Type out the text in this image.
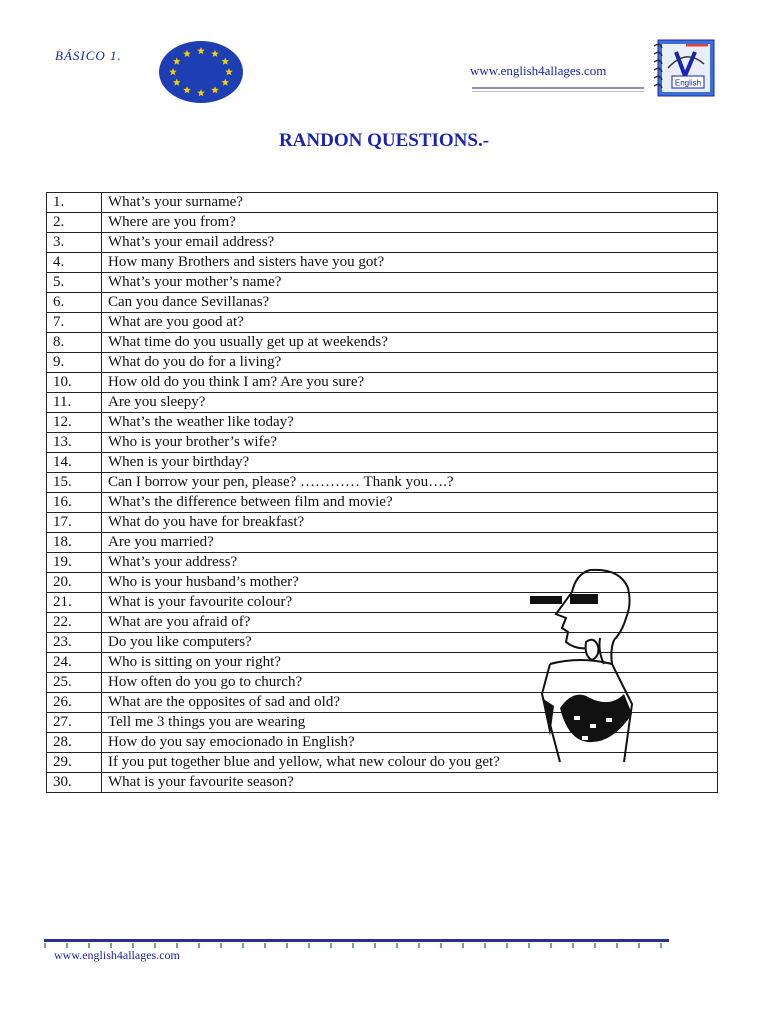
BÁSICO 1.
www.english4allages.com
English
RANDON QUESTIONS.-
1.	What’s your surname?
2.	Where are you from?
3.	What’s your email address?
4.	How many Brothers and sisters have you got?
5.	What’s your mother’s name?
6.	Can you dance Sevillanas?
7.	What are you good at?
8.	What time do you usually get up at weekends?
9.	What do you do for a living?
10.	How old do you think I am? Are you sure?
11.	Are you sleepy?
12.	What’s the weather like today?
13.	Who is your brother’s wife?
14.	When is your birthday?
15.	Can I borrow your pen, please? ………… Thank you….?
16.	What’s the difference between film and movie?
17.	What do you have for breakfast?
18.	Are you married?
19.	What’s your address?
20.	Who is your husband’s mother?
21.	What is your favourite colour?
22.	What are you afraid of?
23.	Do you like computers?
24.	Who is sitting on your right?
25.	How often do you go to church?
26.	What are the opposites of sad and old?
27.	Tell me 3 things you are wearing
28.	How do you say emocionado in English?
29.	If you put together blue and yellow, what new colour do you get?
30.	What is your favourite season?
www.english4allages.com
